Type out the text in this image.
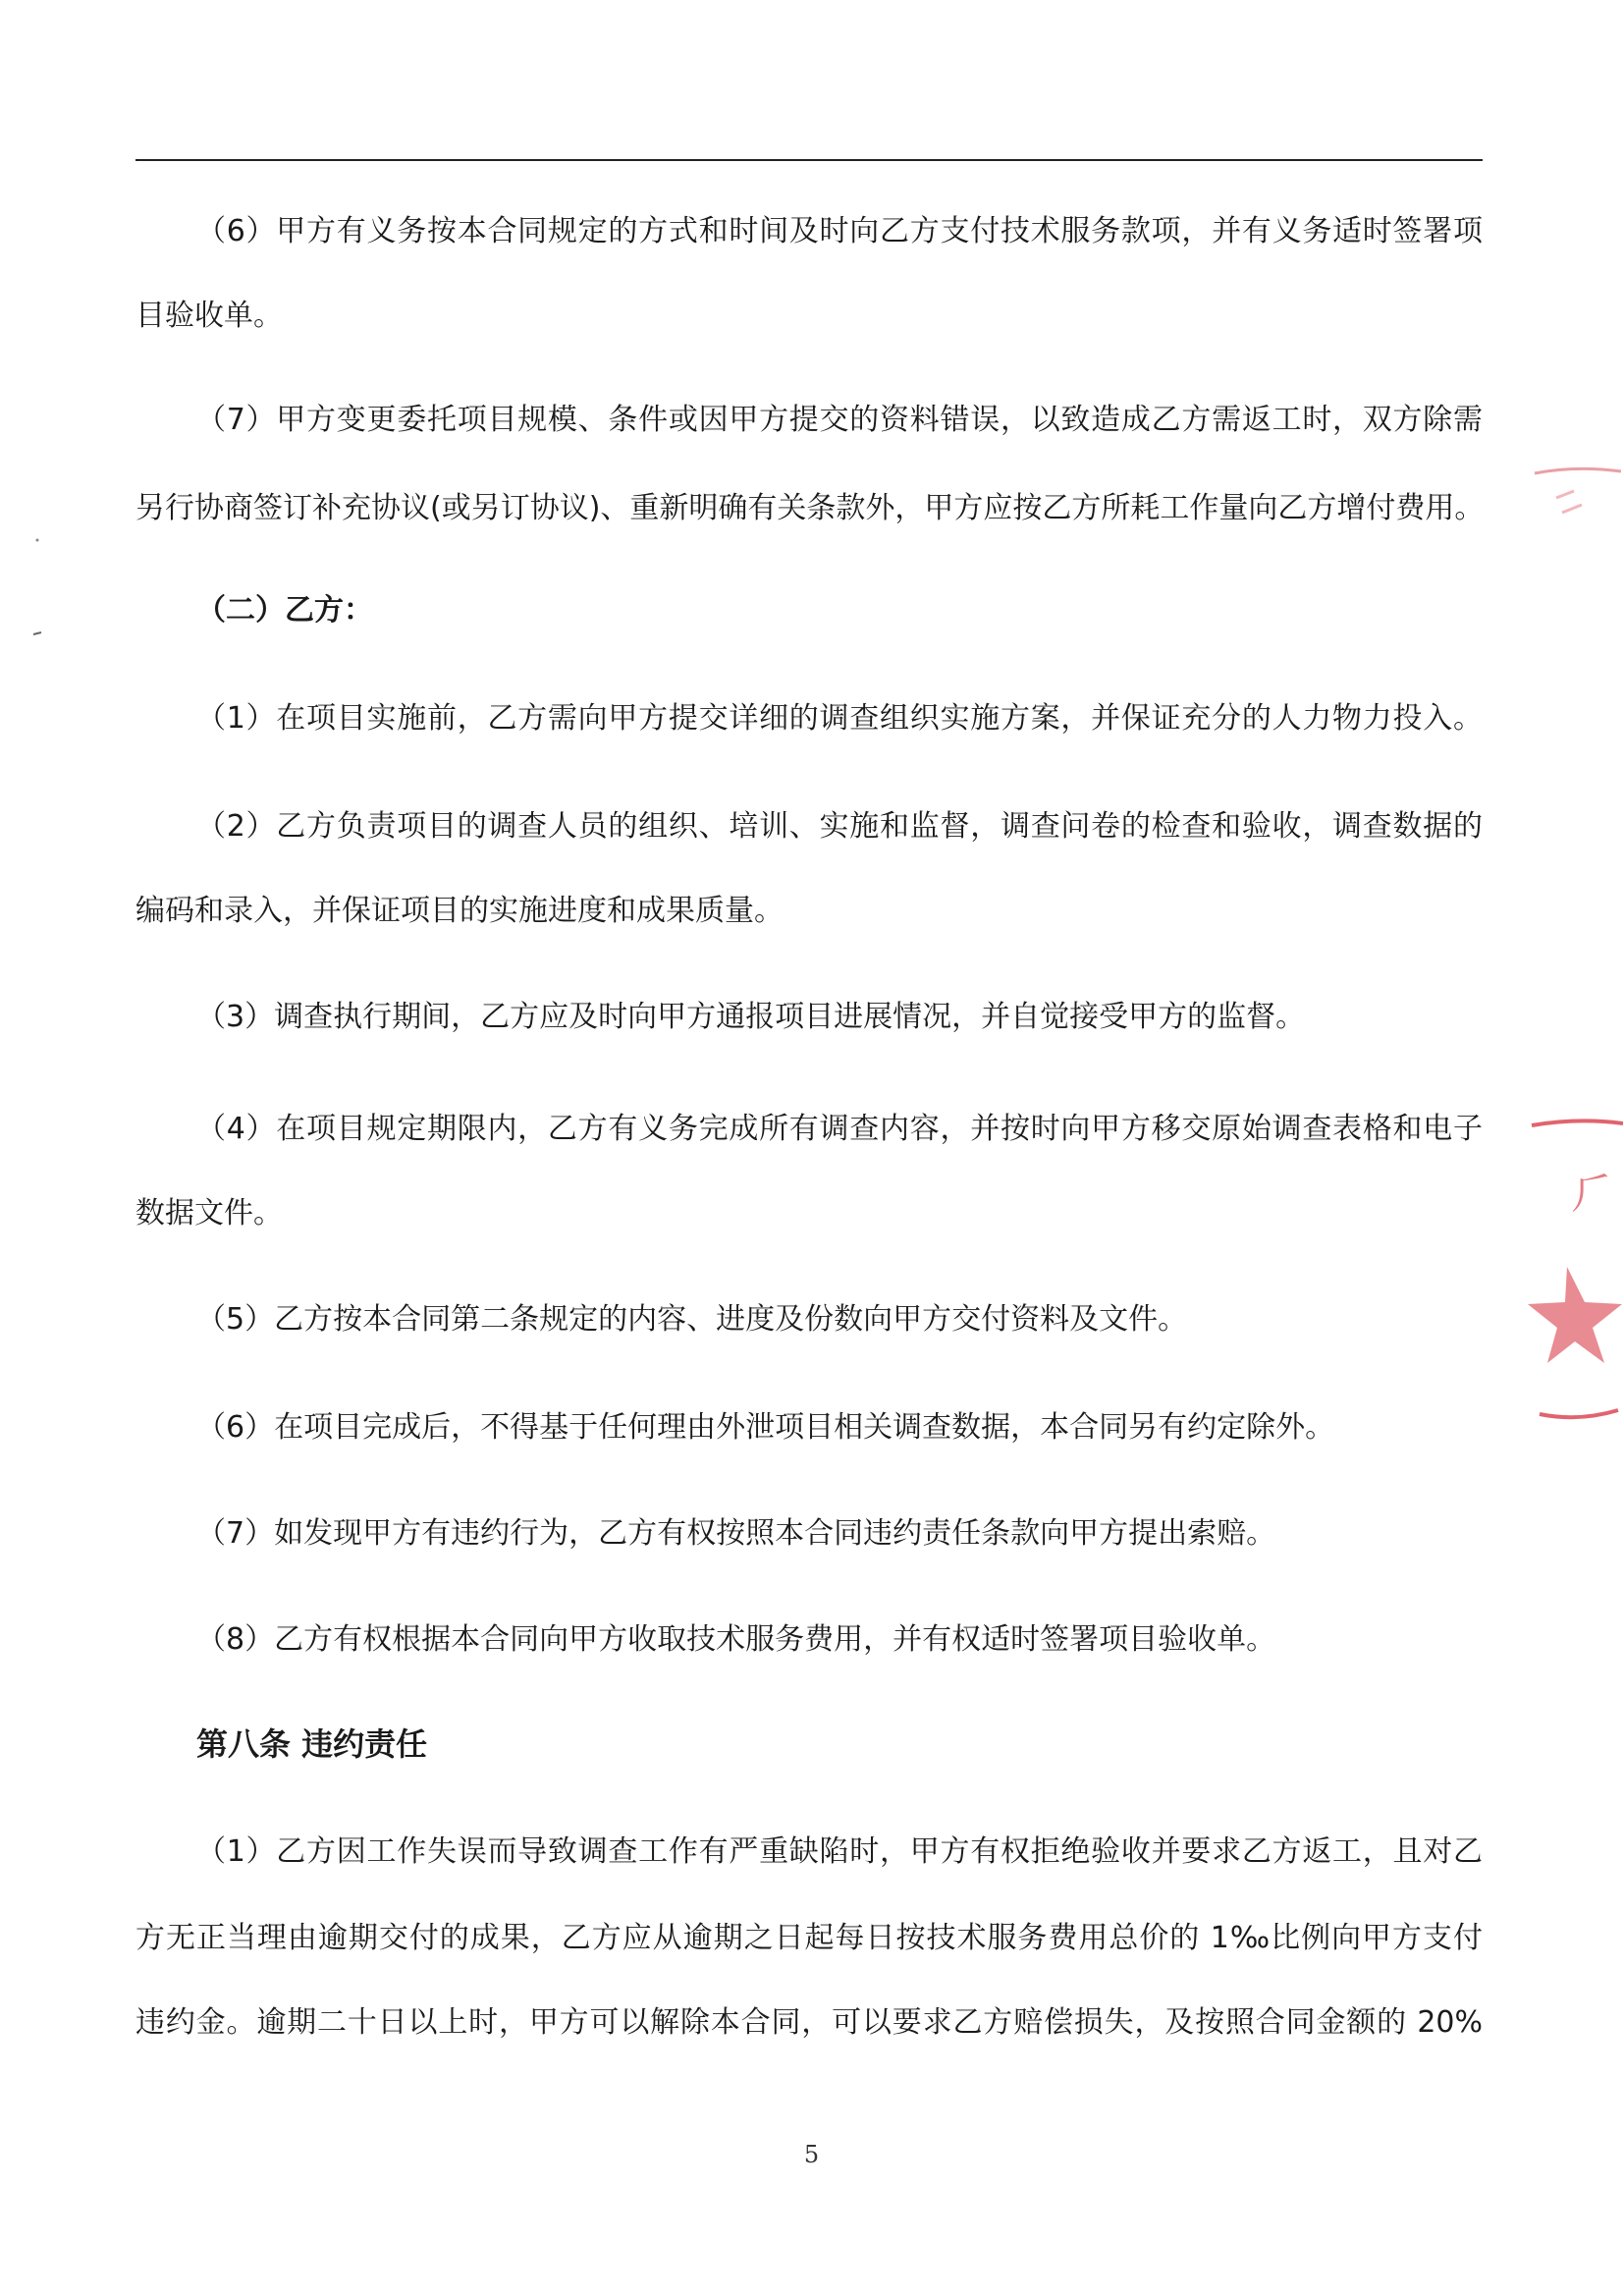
（6）甲方有义务按本合同规定的方式和时间及时向乙方支付技术服务款项，并有义务适时签署项
目验收单。
（7）甲方变更委托项目规模、条件或因甲方提交的资料错误，以致造成乙方需返工时，双方除需
另行协商签订补充协议(或另订协议)、重新明确有关条款外，甲方应按乙方所耗工作量向乙方增付费用。
（二）乙方：
（1）在项目实施前，乙方需向甲方提交详细的调查组织实施方案，并保证充分的人力物力投入。
（2）乙方负责项目的调查人员的组织、培训、实施和监督，调查问卷的检查和验收，调查数据的
编码和录入，并保证项目的实施进度和成果质量。
（3）调查执行期间，乙方应及时向甲方通报项目进展情况，并自觉接受甲方的监督。
（4）在项目规定期限内，乙方有义务完成所有调查内容，并按时向甲方移交原始调查表格和电子
数据文件。
（5）乙方按本合同第二条规定的内容、进度及份数向甲方交付资料及文件。
（6）在项目完成后，不得基于任何理由外泄项目相关调查数据，本合同另有约定除外。
（7）如发现甲方有违约行为，乙方有权按照本合同违约责任条款向甲方提出索赔。
（8）乙方有权根据本合同向甲方收取技术服务费用，并有权适时签署项目验收单。
第八条 违约责任
（1）乙方因工作失误而导致调查工作有严重缺陷时，甲方有权拒绝验收并要求乙方返工，且对乙
方无正当理由逾期交付的成果，乙方应从逾期之日起每日按技术服务费用总价的 1‰比例向甲方支付
违约金。逾期二十日以上时，甲方可以解除本合同，可以要求乙方赔偿损失，及按照合同金额的 20%
5
⺁
